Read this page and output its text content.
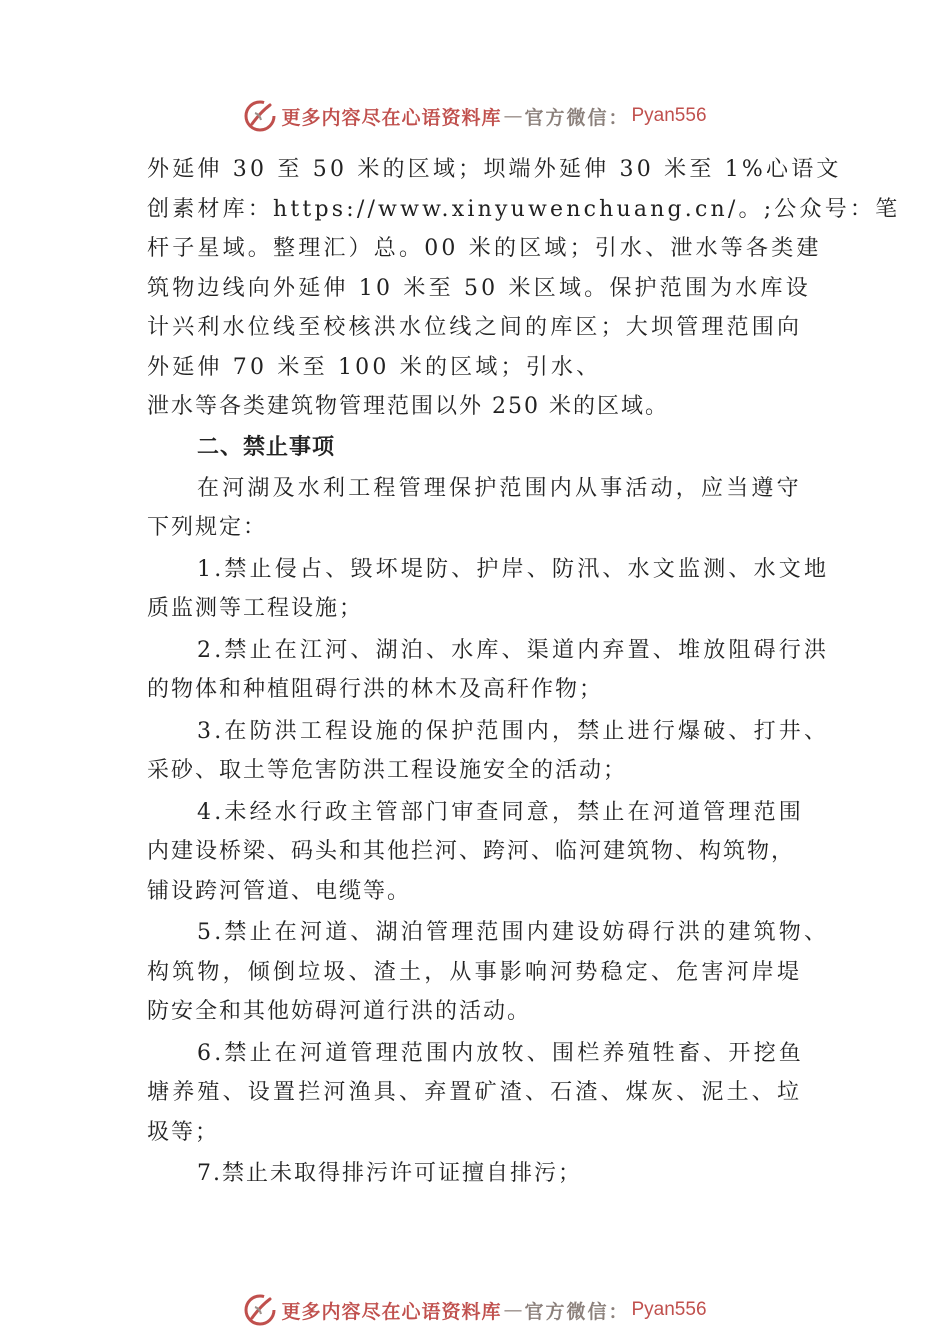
更多内容尽在心语资料库 — 官方微信： Pyan556
外延伸 30 至 50 米的区域；坝端外延伸 30 米至 1%心语文
创素材库：https://www.xinyuwenchuang.cn/。;公众号：笔
杆子星域。整理汇）总。00 米的区域；引水、泄水等各类建
筑物边线向外延伸 10 米至 50 米区域。保护范围为水库设
计兴利水位线至校核洪水位线之间的库区；大坝管理范围向
外延伸 70 米至 100 米的区域；引水、
泄水等各类建筑物管理范围以外 250 米的区域。
二、禁止事项
在河湖及水利工程管理保护范围内从事活动，应当遵守
下列规定：
1.禁止侵占、毁坏堤防、护岸、防汛、水文监测、水文地
质监测等工程设施；
2.禁止在江河、湖泊、水库、渠道内弃置、堆放阻碍行洪
的物体和种植阻碍行洪的林木及高秆作物；
3.在防洪工程设施的保护范围内，禁止进行爆破、打井、
采砂、取土等危害防洪工程设施安全的活动；
4.未经水行政主管部门审查同意，禁止在河道管理范围
内建设桥梁、码头和其他拦河、跨河、临河建筑物、构筑物，
铺设跨河管道、电缆等。
5.禁止在河道、湖泊管理范围内建设妨碍行洪的建筑物、
构筑物，倾倒垃圾、渣土，从事影响河势稳定、危害河岸堤
防安全和其他妨碍河道行洪的活动。
6.禁止在河道管理范围内放牧、围栏养殖牲畜、开挖鱼
塘养殖、设置拦河渔具、弃置矿渣、石渣、煤灰、泥土、垃
圾等；
7.禁止未取得排污许可证擅自排污；
更多内容尽在心语资料库 — 官方微信： Pyan556
